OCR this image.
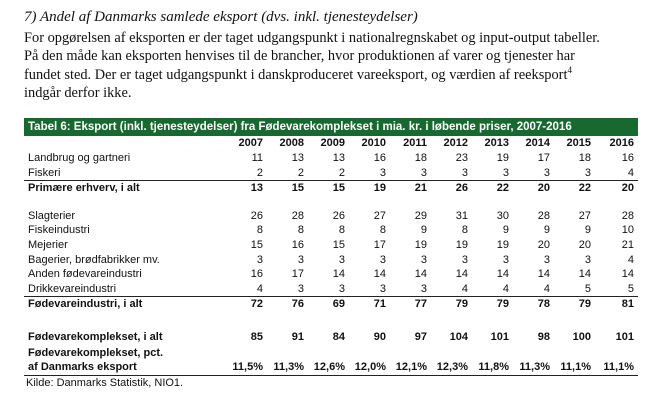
7) Andel af Danmarks samlede eksport (dvs. inkl. tjenesteydelser)
For opgørelsen af eksporten er der taget udgangspunkt i nationalregnskabet og input-output tabeller.
På den måde kan eksporten henvises til de brancher, hvor produktionen af varer og tjenester har
fundet sted. Der er taget udgangspunkt i danskproduceret vareeksport, og værdien af reeksport$^4$
indgår derfor ikke.
Tabel 6: Eksport (inkl. tjenesteydelser) fra Fødevarekomplekset i mia. kr. i løbende priser, 2007-2016
	2007	2008	2009	2010	2011	2012	2013	2014	2015	2016
Landbrug og gartneri	11	13	13	16	18	23	19	17	18	16
Fiskeri	2	2	2	3	3	3	3	3	3	4
Primære erhverv, i alt	13	15	15	19	21	26	22	20	22	20

Slagterier	26	28	26	27	29	31	30	28	27	28
Fiskeindustri	8	8	8	8	9	8	9	9	9	10
Mejerier	15	16	15	17	19	19	19	20	20	21
Bagerier, brødfabrikker mv.	3	3	3	3	3	3	3	3	3	4
Anden fødevareindustri	16	17	14	14	14	14	14	14	14	14
Drikkevareindustri	4	3	3	3	3	4	4	4	5	5
Fødevareindustri, i alt	72	76	69	71	77	79	79	78	79	81

Fødevarekomplekset, i alt	85	91	84	90	97	104	101	98	100	101
Fødevarekomplekset, pct.
af Danmarks eksport	11,5%	11,3%	12,6%	12,0%	12,1%	12,3%	11,8%	11,3%	11,1%	11,1%
Kilde: Danmarks Statistik, NIO1.
